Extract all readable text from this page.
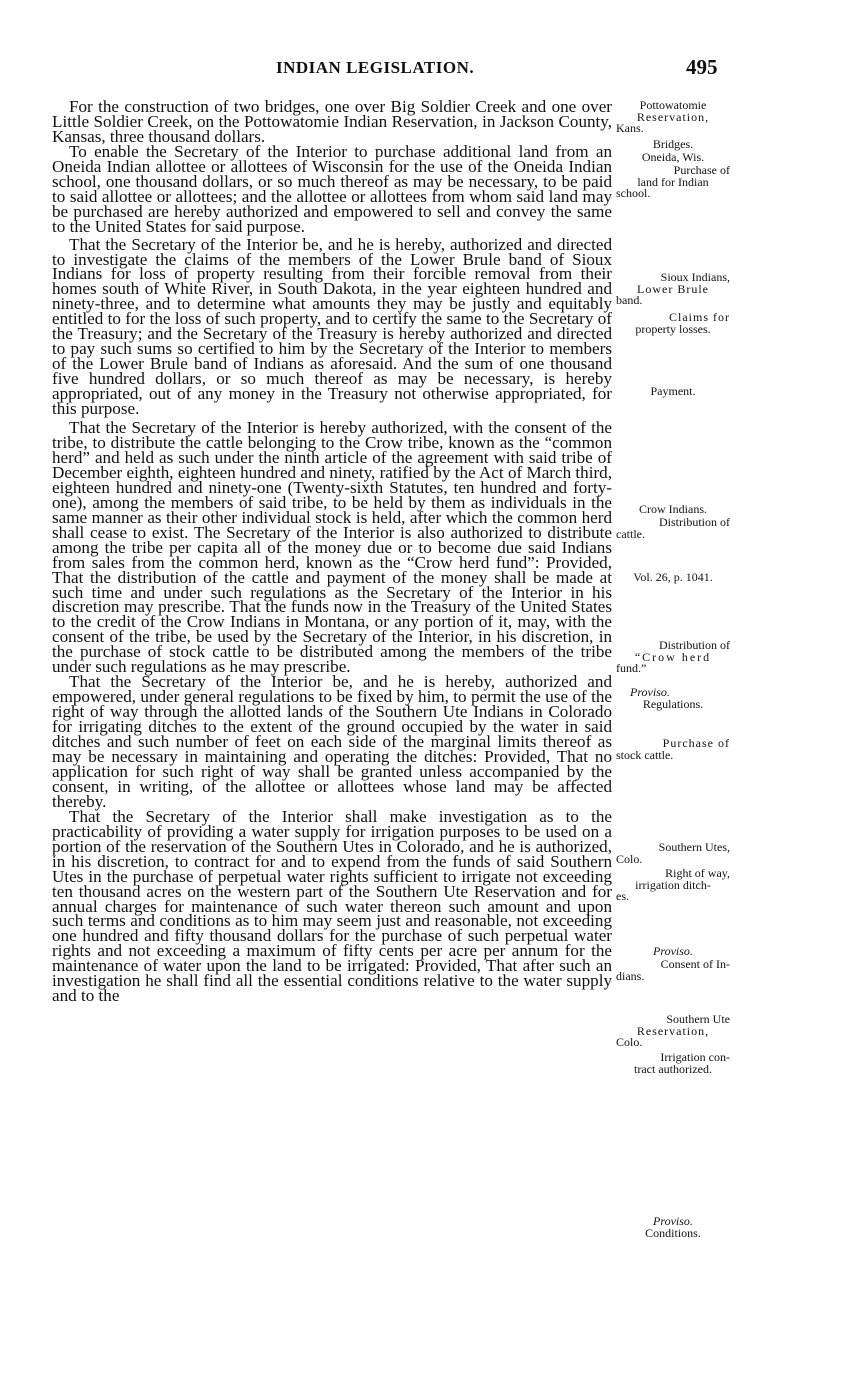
INDIAN LEGISLATION.	495

For the construction of two bridges, one over Big Soldier Creek and one over Little Soldier Creek, on the Pottowatomie Indian Reservation, in Jackson County, Kansas, three thousand dollars.

To enable the Secretary of the Interior to purchase additional land from an Oneida Indian allottee or allottees of Wisconsin for the use of the Oneida Indian school, one thousand dollars, or so much thereof as may be necessary, to be paid to said allottee or allottees; and the allottee or allottees from whom said land may be purchased are hereby authorized and empowered to sell and convey the same to the United States for said purpose.

That the Secretary of the Interior be, and he is hereby, authorized and directed to investigate the claims of the members of the Lower Brule band of Sioux Indians for loss of property resulting from their forcible removal from their homes south of White River, in South Dakota, in the year eighteen hundred and ninety-three, and to determine what amounts they may be justly and equitably entitled to for the loss of such property, and to certify the same to the Secretary of the Treasury; and the Secretary of the Treasury is hereby authorized and directed to pay such sums so certified to him by the Secretary of the Interior to members of the Lower Brule band of Indians as aforesaid. And the sum of one thousand five hundred dollars, or so much thereof as may be necessary, is hereby appropriated, out of any money in the Treasury not otherwise appropriated, for this purpose.

That the Secretary of the Interior is hereby authorized, with the consent of the tribe, to distribute the cattle belonging to the Crow tribe, known as the “common herd” and held as such under the ninth article of the agreement with said tribe of December eighth, eighteen hundred and ninety, ratified by the Act of March third, eighteen hundred and ninety-one (Twenty-sixth Statutes, ten hundred and forty-one), among the members of said tribe, to be held by them as individuals in the same manner as their other individual stock is held, after which the common herd shall cease to exist. The Secretary of the Interior is also authorized to distribute among the tribe per capita all of the money due or to become due said Indians from sales from the common herd, known as the “Crow herd fund”: Provided, That the distribution of the cattle and payment of the money shall be made at such time and under such regulations as the Secretary of the Interior in his discretion may prescribe. That the funds now in the Treasury of the United States to the credit of the Crow Indians in Montana, or any portion of it, may, with the consent of the tribe, be used by the Secretary of the Interior, in his discretion, in the purchase of stock cattle to be distributed among the members of the tribe under such regulations as he may prescribe.

That the Secretary of the Interior be, and he is hereby, authorized and empowered, under general regulations to be fixed by him, to permit the use of the right of way through the allotted lands of the Southern Ute Indians in Colorado for irrigating ditches to the extent of the ground occupied by the water in said ditches and such number of feet on each side of the marginal limits thereof as may be necessary in maintaining and operating the ditches: Provided, That no application for such right of way shall be granted unless accompanied by the consent, in writing, of the allottee or allottees whose land may be affected thereby.

That the Secretary of the Interior shall make investigation as to the practicability of providing a water supply for irrigation purposes to be used on a portion of the reservation of the Southern Utes in Colorado, and he is authorized, in his discretion, to contract for and to expend from the funds of said Southern Utes in the purchase of perpetual water rights sufficient to irrigate not exceeding ten thousand acres on the western part of the Southern Ute Reservation and for annual charges for maintenance of such water thereon such amount and upon such terms and conditions as to him may seem just and reasonable, not exceeding one hundred and fifty thousand dollars for the purchase of such perpetual water rights and not exceeding a maximum of fifty cents per acre per annum for the maintenance of water upon the land to be irrigated: Provided, That after such an investigation he shall find all the essential conditions relative to the water supply and to the

Pottowatomie
Reservation,
Kans.
Bridges.
Oneida, Wis.
Purchase of
land for Indian
school.
Sioux Indians,
Lower Brule
band.
Claims for
property losses.
Payment.
Crow Indians.
Distribution of
cattle.
Vol. 26, p. 1041.
Distribution of
“Crow herd
fund.”
Proviso.
Regulations.
Purchase of
stock cattle.
Southern Utes,
Colo.
Right of way,
irrigation ditch-
es.
Proviso.
Consent of In-
dians.
Southern Ute
Reservation,
Colo.
Irrigation con-
tract authorized.
Proviso.
Conditions.
